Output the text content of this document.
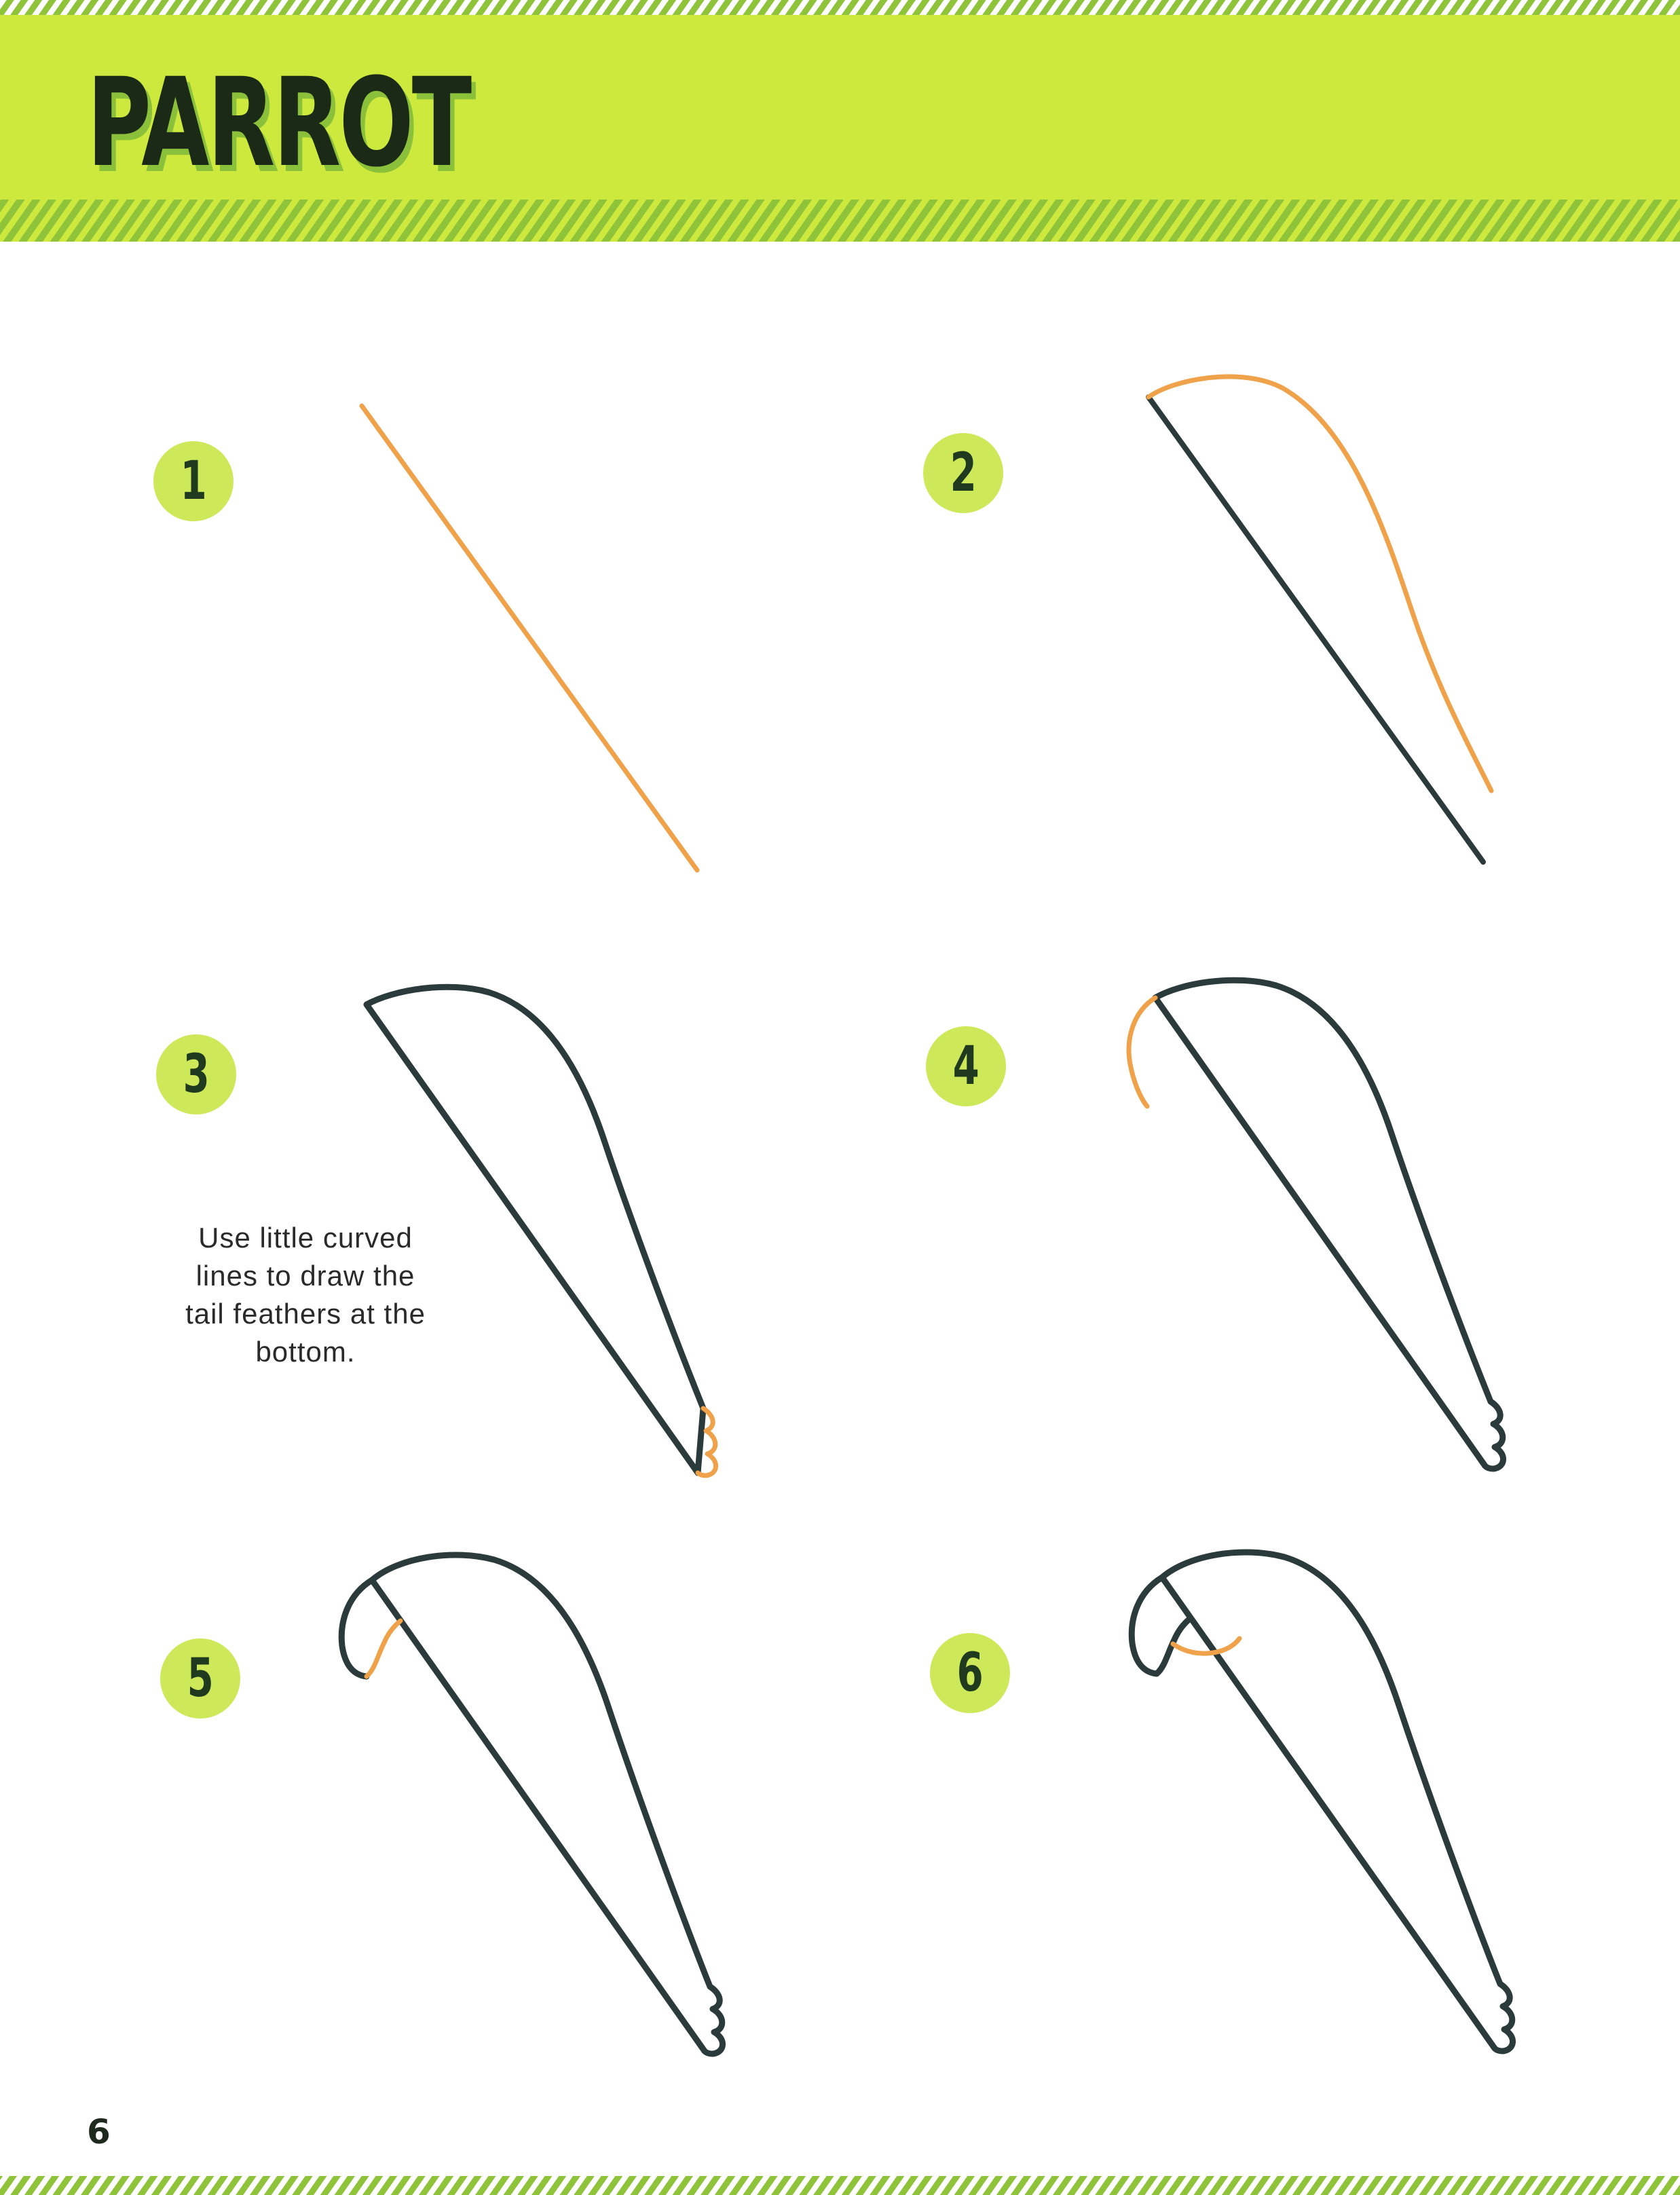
PARROT
1	2
3	4
5	6
Use little curved
lines to draw the
tail feathers at the
bottom.
6
